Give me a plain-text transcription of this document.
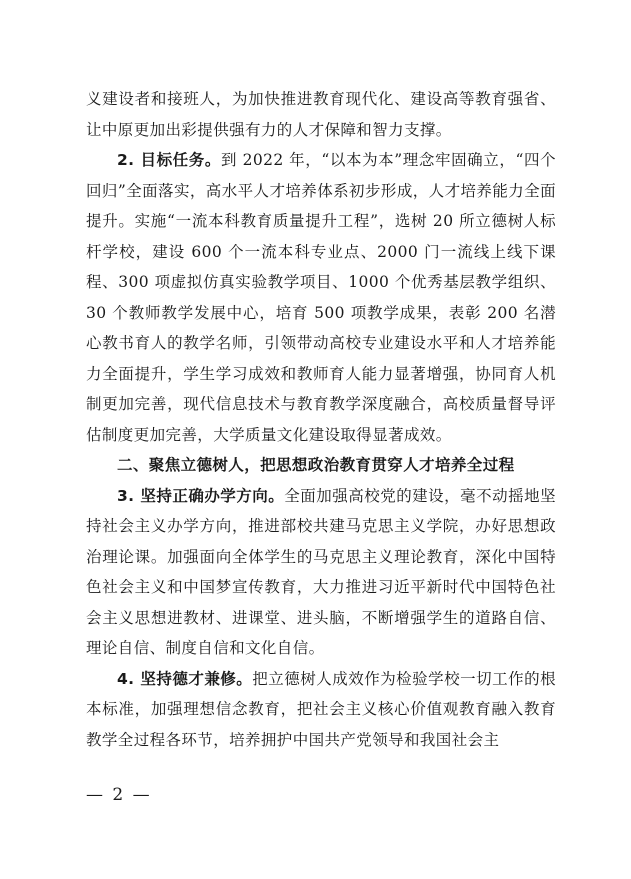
义建设者和接班人，为加快推进教育现代化、建设高等教育强省、让中原更加出彩提供强有力的人才保障和智力支撑。

2. 目标任务。到 2022 年，“以本为本”理念牢固确立，“四个回归”全面落实，高水平人才培养体系初步形成，人才培养能力全面提升。实施“一流本科教育质量提升工程”，选树 20 所立德树人标杆学校，建设 600 个一流本科专业点、2000 门一流线上线下课程、300 项虚拟仿真实验教学项目、1000 个优秀基层教学组织、30 个教师教学发展中心，培育 500 项教学成果，表彰 200 名潜心教书育人的教学名师，引领带动高校专业建设水平和人才培养能力全面提升，学生学习成效和教师育人能力显著增强，协同育人机制更加完善，现代信息技术与教育教学深度融合，高校质量督导评估制度更加完善，大学质量文化建设取得显著成效。

二、聚焦立德树人，把思想政治教育贯穿人才培养全过程

3. 坚持正确办学方向。全面加强高校党的建设，毫不动摇地坚持社会主义办学方向，推进部校共建马克思主义学院，办好思想政治理论课。加强面向全体学生的马克思主义理论教育，深化中国特色社会主义和中国梦宣传教育，大力推进习近平新时代中国特色社会主义思想进教材、进课堂、进头脑，不断增强学生的道路自信、理论自信、制度自信和文化自信。

4. 坚持德才兼修。把立德树人成效作为检验学校一切工作的根本标准，加强理想信念教育，把社会主义核心价值观教育融入教育教学全过程各环节，培养拥护中国共产党领导和我国社会主

— 2 —
